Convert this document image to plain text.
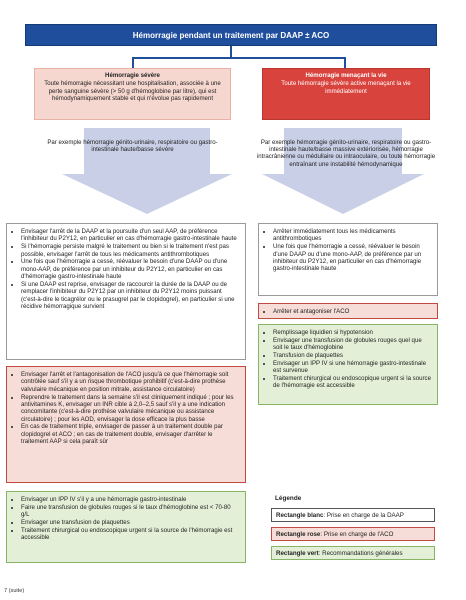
Hémorragie pendant un traitement par DAAP ± ACO
Hémorragie sévère
Toute hémorragie nécessitant une hospitalisation, associée à une perte sanguine sévère (> 50 g d'hémoglobine par litre), qui est hémodynamiquement stable et qui n'évolue pas rapidement
Hémorragie menaçant la vie
Toute hémorragie sévère active menaçant la vie immédiatement
Par exemple hémorragie génito-urinaire, respiratoire ou gastro-intestinale haute/basse sévère
Par exemple hémorragie génito-urinaire, respiratoire ou gastro-intestinale haute/basse massive extériorisée, hémorragie intracrânienne ou médullaire ou intraoculaire, ou toute hémorragie entraînant une instabilité hémodynamique
• Envisager l'arrêt de la DAAP et la poursuite d'un seul AAP, de préférence l'inhibiteur du P2Y12, en particulier en cas d'hémorragie gastro-intestinale haute
• Si l'hémorragie persiste malgré le traitement ou bien si le traitement n'est pas possible, envisager l'arrêt de tous les médicaments antithrombotiques
• Une fois que l'hémorragie a cessé, réévaluer le besoin d'une DAAP ou d'une mono-AAP, de préférence par un inhibiteur du P2Y12, en particulier en cas d'hémorragie gastro-intestinale haute
• Si une DAAP est reprise, envisager de raccourcir la durée de la DAAP ou de remplacer l'inhibiteur du P2Y12 par un inhibiteur du P2Y12 moins puissant (c'est-à-dire le ticagrélor ou le prasugrel par le clopidogrel), en particulier si une récidive hémorragique survient
• Envisager l'arrêt et l'antagonisation de l'ACO jusqu'à ce que l'hémorragie soit contrôlée sauf s'il y a un risque thrombotique prohibitif (c'est-à-dire prothèse valvulaire mécanique en position mitrale, assistance circulatoire)
• Reprendre le traitement dans la semaine s'il est cliniquement indiqué ; pour les antivitamines K, envisager un INR cible à 2,0–2,5 sauf s'il y a une indication concomitante (c'est-à-dire prothèse valvulaire mécanique ou assistance circulatoire) ; pour les AOD, envisager la dose efficace la plus basse
• En cas de traitement triple, envisager de passer à un traitement double par clopidogrel et ACO ; en cas de traitement double, envisager d'arrêter le traitement AAP si cela paraît sûr
• Envisager un IPP IV s'il y a une hémorragie gastro-intestinale
• Faire une transfusion de globules rouges si le taux d'hémoglobine est < 70-80 g/L
• Envisager une transfusion de plaquettes
• Traitement chirurgical ou endoscopique urgent si la source de l'hémorragie est accessible
• Arrêter immédiatement tous les médicaments antithrombotiques
• Une fois que l'hémorragie a cessé, réévaluer le besoin d'une DAAP ou d'une mono-AAP, de préférence par un inhibiteur du P2Y12, en particulier en cas d'hémorragie gastro-intestinale haute
• Arrêter et antagoniser l'ACO
• Remplissage liquidien si hypotension
• Envisager une transfusion de globules rouges quel que soit le taux d'hémoglobine
• Transfusion de plaquettes
• Envisager un IPP IV si une hémorragie gastro-intestinale est survenue
• Traitement chirurgical ou endoscopique urgent si la source de l'hémorragie est accessible
Légende
Rectangle blanc : Prise en charge de la DAAP
Rectangle rose : Prise en charge de l'ACO
Rectangle vert : Recommandations générales
7 (suite)
